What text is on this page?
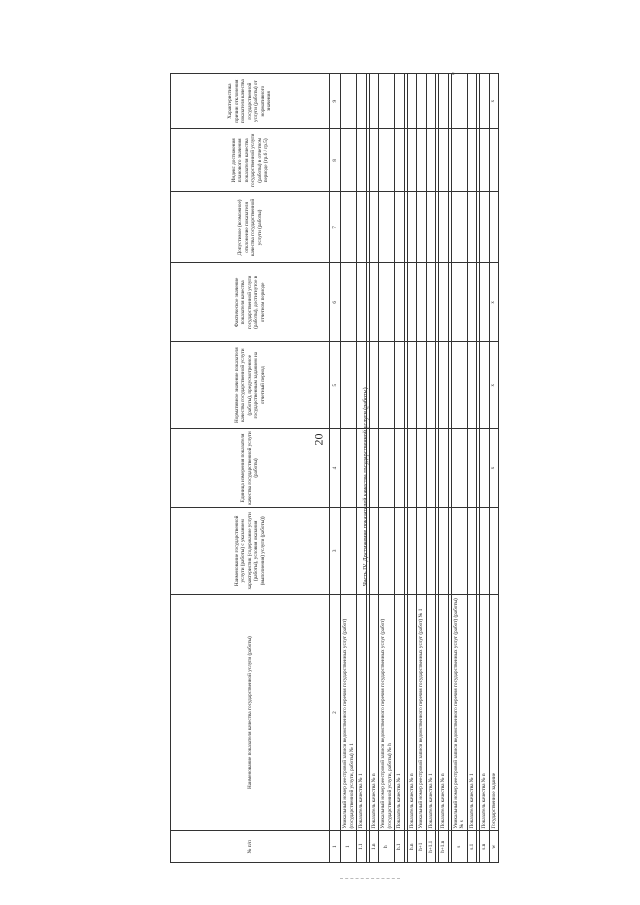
20	Часть IV. Достижение показателей качества государственной услуги (работы)
x
№ п/п	Наименование показателя качества государственной услуги (работы)	Наименование государственной услуги (работы) с указанием характеристик (содержание услуги (работы), условия оказания (выполнения) услуги (работы))	Единица измерения показателя качества государственной услуги (работы)	Нормативное значение показателя качества государственной услуги (работы), предусмотренное государственным заданием на отчетный период	Фактическое значение показателя качества государственной услуги (работы), достигнутое в отчетном периоде	Допустимое (возможное) отклонение показателя качества государственной услуги (работы)	Индекс достижения планового значения показателя качества государственной услуги (работы) в отчетном периоде (гр.6 / гр.5)	Характеристика причин отклонения показателя качества государственной услуги (работы) от нормативного значения
1	2	3	4	5	6	7	8	9
1	Уникальный номер реестровой записи ведомственного перечня государственных услуг (работ) (государственной услуги, работы) № 1							
1.1	Показатель качества № 1							

1.n	Показатель качества № n							
h	Уникальный номер реестровой записи ведомственного перечня государственных услуг (работ) (государственной услуги, работы) № h							
h.1	Показатель качества № 1							

h.n	Показатель качества № n							
h+1	Уникальный номер реестровой записи ведомственного перечня государственных услуг (работ) № 1							
h+1.1	Показатель качества № 1							

h+1.n	Показатель качества № n							

s	Уникальный номер реестровой записи ведомственного перечня государственных услуг (работ) (работы) № s							
s.1	Показатель качества № 1							

s.n	Показатель качества № n							
w	Государственное задание		x	x	x			x
